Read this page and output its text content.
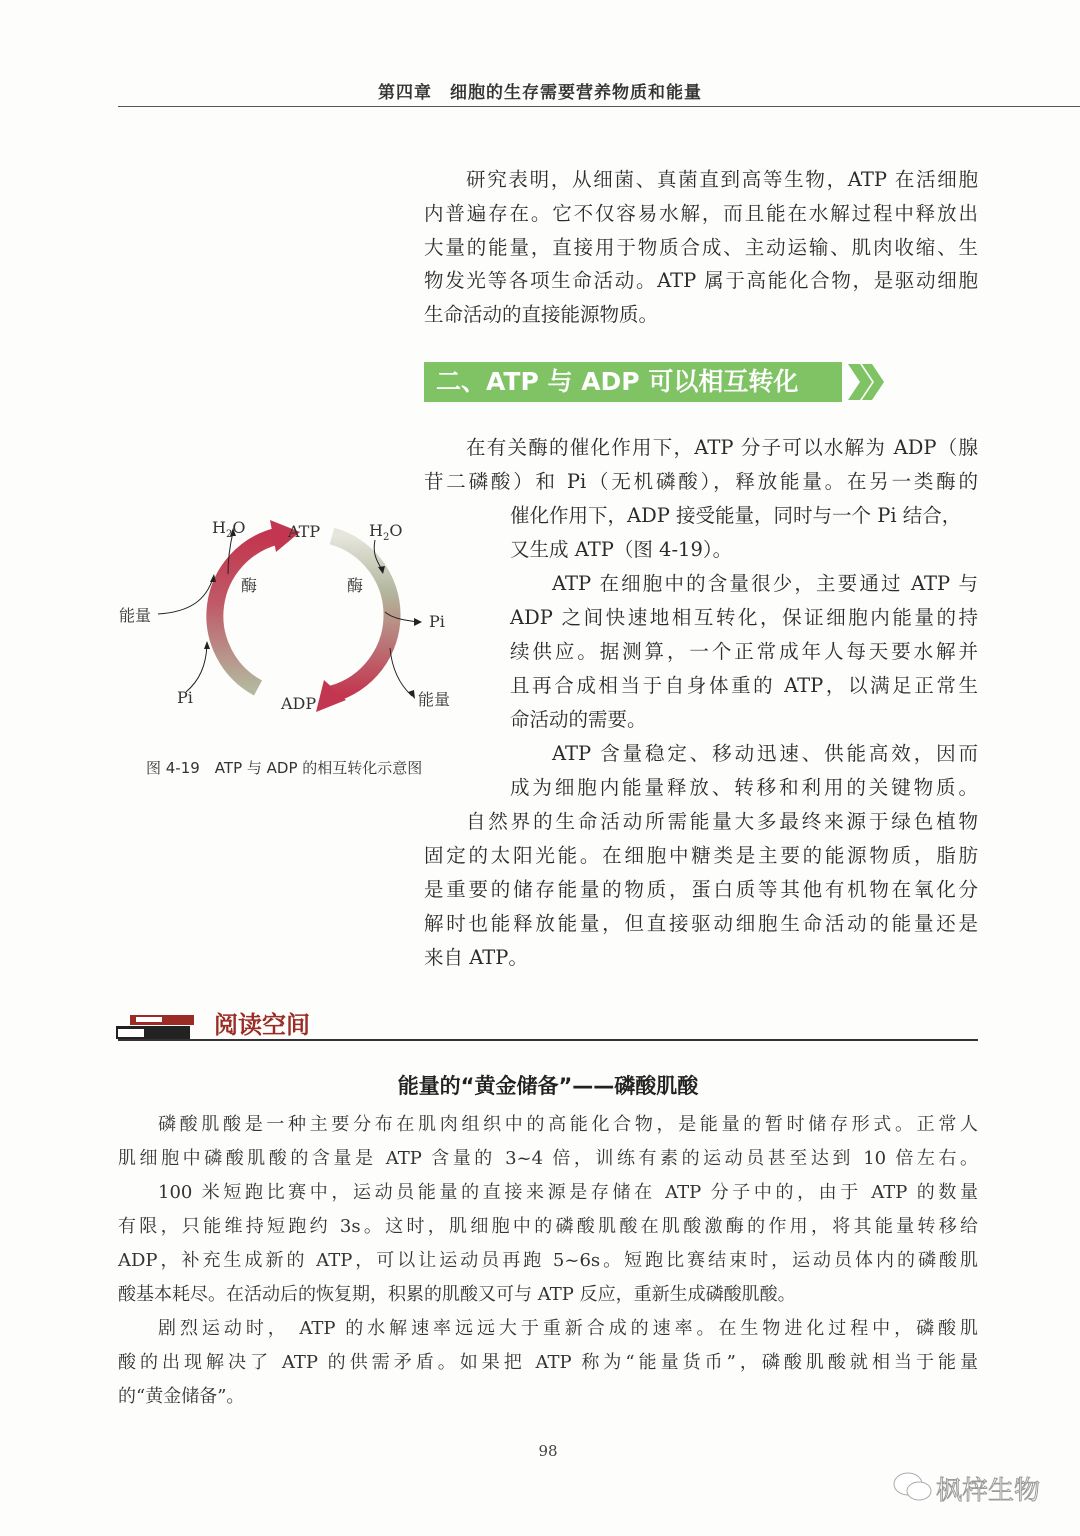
第四章　细胞的生存需要营养物质和能量
研究表明，从细菌、真菌直到高等生物，ATP 在活细胞
内普遍存在。它不仅容易水解，而且能在水解过程中释放出
大量的能量，直接用于物质合成、主动运输、肌肉收缩、生
物发光等各项生命活动。ATP 属于高能化合物，是驱动细胞
生命活动的直接能源物质。
在有关酶的催化作用下，ATP 分子可以水解为 ADP（腺
苷二磷酸）和 Pi（无机磷酸），释放能量。在另一类酶的
催化作用下，ADP 接受能量，同时与一个 Pi 结合，
又生成 ATP（图 4-19）。
ATP 在细胞中的含量很少，主要通过 ATP 与
ADP 之间快速地相互转化，保证细胞内能量的持
续供应。据测算，一个正常成年人每天要水解并
且再合成相当于自身体重的 ATP，以满足正常生
命活动的需要。
ATP 含量稳定、移动迅速、供能高效，因而
成为细胞内能量释放、转移和利用的关键物质。
自然界的生命活动所需能量大多最终来源于绿色植物
固定的太阳光能。在细胞中糖类是主要的能源物质，脂肪
是重要的储存能量的物质，蛋白质等其他有机物在氧化分
解时也能释放能量，但直接驱动细胞生命活动的能量还是
来自 ATP。
磷酸肌酸是一种主要分布在肌肉组织中的高能化合物，是能量的暂时储存形式。正常人
肌细胞中磷酸肌酸的含量是 ATP 含量的 3~4 倍，训练有素的运动员甚至达到 10 倍左右。
100 米短跑比赛中，运动员能量的直接来源是存储在 ATP 分子中的，由于 ATP 的数量
有限，只能维持短跑约 3s。这时，肌细胞中的磷酸肌酸在肌酸激酶的作用，将其能量转移给
ADP，补充生成新的 ATP，可以让运动员再跑 5~6s。短跑比赛结束时，运动员体内的磷酸肌
酸基本耗尽。在活动后的恢复期，积累的肌酸又可与 ATP 反应，重新生成磷酸肌酸。
剧烈运动时， ATP 的水解速率远远大于重新合成的速率。在生物进化过程中，磷酸肌
酸的出现解决了 ATP 的供需矛盾。如果把 ATP 称为“能量货币”，磷酸肌酸就相当于能量
的“黄金储备”。
二、ATP 与 ADP 可以相互转化
$H_2O$	ATP	$H_2O$
酶	酶
能量	Pi
Pi	ADP	能量
图 4-19　ATP 与 ADP 的相互转化示意图
阅读空间
能量的“黄金储备”——磷酸肌酸
98
枫梓生物
